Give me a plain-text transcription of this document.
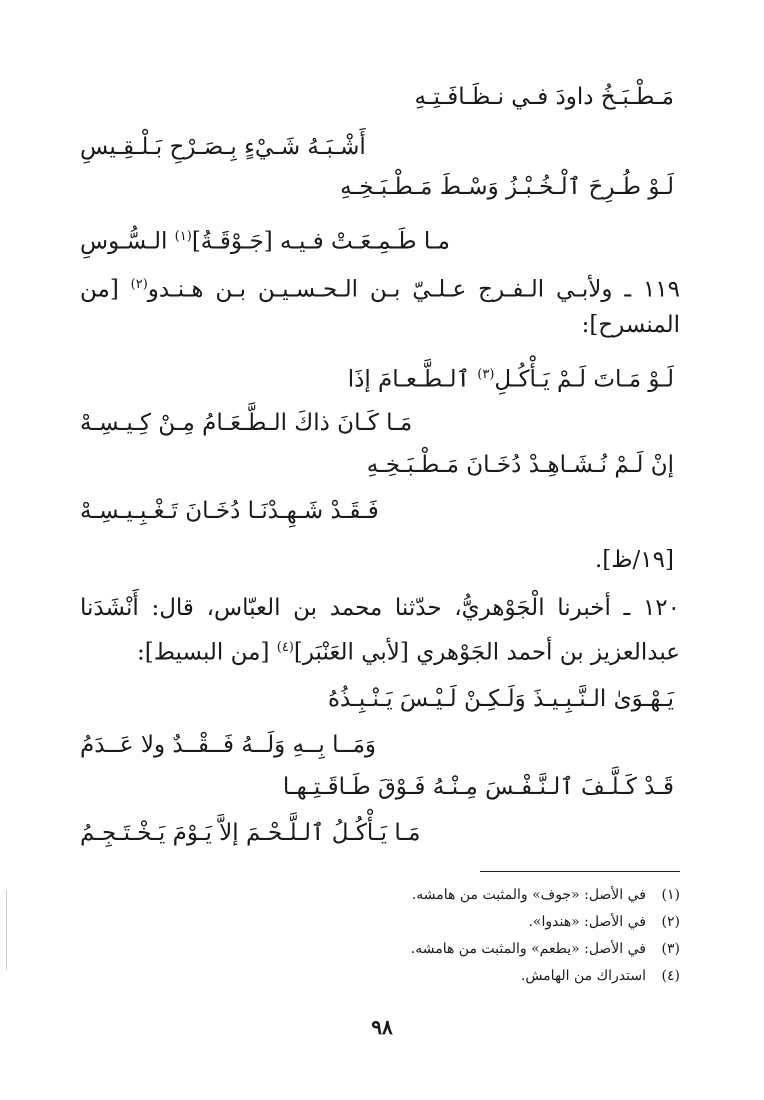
مَـطْـبَـخُ داودَ فـي نـظَـافَـتِـهِ
أَشْـبَـهُ شَـيْءٍ بِـصَـرْحِ بَـلْـقِـيسِ
لَـوْ طُـرِحَ ٱلْـخُـبْـزُ وَسْـطَ مَـطْـبَـخِـهِ
مـا طَـمِـعَـتْ فـيـه [جَـوْقَـةُ]$^{(١)}$ الـسُّـوسِ
١١٩ ـ ولأبـي الـفـرج عـلـيّ بـن الـحـسـيـن بـن هـنـدو$^{(٢)}$ [من
المنسرح]:
لَـوْ مَـاتَ لَـمْ يَـأْكُـلِ$^{(٣)}$ ٱلـطَّـعـامَ إذَا
مَـا كَـانَ ذاكَ الـطَّـعَـامُ مِـنْ كِـيـسِـهْ
إنْ لَـمْ نُـشَـاهِـدْ دُخَـانَ مَـطْـبَـخِـهِ
فَـقَـدْ شَـهِـدْنَـا دُخَـانَ تَـغْـبِـيـسِـهْ
[١٩/ظ].
١٢٠ ـ أخبرنا الْجَوْهريُّ، حدّثنا محمد بن العبّاس، قال: أَنْشَدَنا
عبدالعزيز بن أحمد الجَوْهري [لأبي العَنْبَر]$^{(٤)}$ [من البسيط]:
يَـهْـوَىٰ الـنَّـبِـيـذَ وَلَـكِـنْ لَـيْـسَ يَـنْـبِـذُهُ
وَمَــا بِــهِ وَلَــهُ فَــقْــدٌ ولا عَــدَمُ
قَـدْ كَـلَّـفَ ٱلـنَّـفْـسَ مِـنْـهُ فَـوْقَ طَـاقَـتِـهـا
مَـا يَـأْكُـلُ ٱلـلَّـحْـمَ إلاَّ يَـوْمَ يَـخْـتَـجِـمُ
(١)في الأصل: «جوف» والمثبت من هامشه.
(٢)في الأصل: «هندوا».
(٣)في الأصل: «يطعم» والمثبت من هامشه.
(٤)استدراك من الهامش.
٩٨
